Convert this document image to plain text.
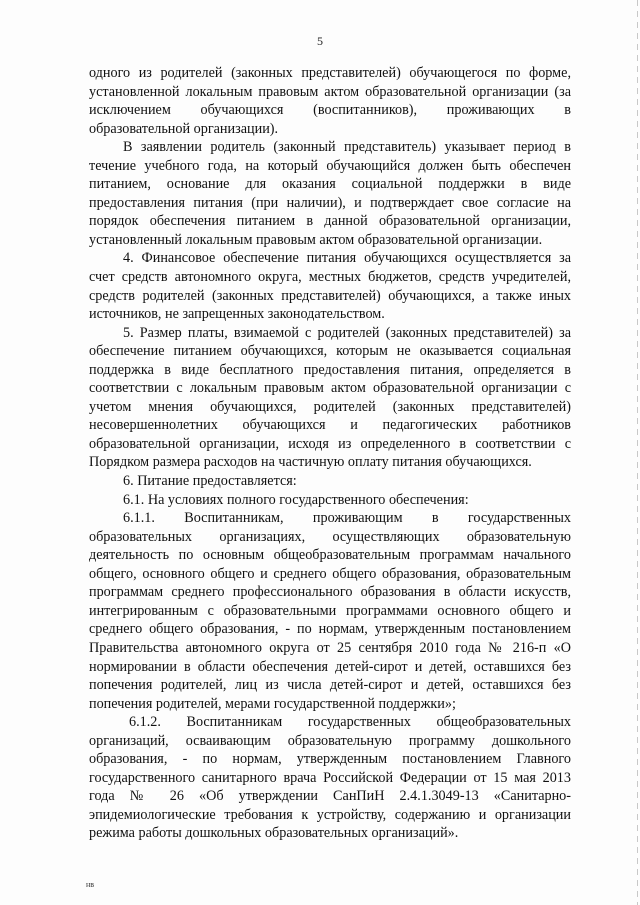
5

одного из родителей (законных представителей) обучающегося по форме, установленной локальным правовым актом образовательной организации (за исключением обучающихся (воспитанников), проживающих в образовательной организации).

В заявлении родитель (законный представитель) указывает период в течение учебного года, на который обучающийся должен быть обеспечен питанием, основание для оказания социальной поддержки в виде предоставления питания (при наличии), и подтверждает свое согласие на порядок обеспечения питанием в данной образовательной организации, установленный локальным правовым актом образовательной организации.

4. Финансовое обеспечение питания обучающихся осуществляется за счет средств автономного округа, местных бюджетов, средств учредителей, средств родителей (законных представителей) обучающихся, а также иных источников, не запрещенных законодательством.

5. Размер платы, взимаемой с родителей (законных представителей) за обеспечение питанием обучающихся, которым не оказывается социальная поддержка в виде бесплатного предоставления питания, определяется в соответствии с локальным правовым актом образовательной организации с учетом мнения обучающихся, родителей (законных представителей) несовершеннолетних обучающихся и педагогических работников образовательной организации, исходя из определенного в соответствии с Порядком размера расходов на частичную оплату питания обучающихся.

6. Питание предоставляется:

6.1. На условиях полного государственного обеспечения:

6.1.1. Воспитанникам, проживающим в государственных образовательных организациях, осуществляющих образовательную деятельность по основным общеобразовательным программам начального общего, основного общего и среднего общего образования, образовательным программам среднего профессионального образования в области искусств, интегрированным с образовательными программами основного общего и среднего общего образования, - по нормам, утвержденным постановлением Правительства автономного округа от 25 сентября 2010 года № 216-п «О нормировании в области обеспечения детей-сирот и детей, оставшихся без попечения родителей, лиц из числа детей-сирот и детей, оставшихся без попечения родителей, мерами государственной поддержки»;

6.1.2. Воспитанникам государственных общеобразовательных организаций, осваивающим образовательную программу дошкольного образования, - по нормам, утвержденным постановлением Главного государственного санитарного врача Российской Федерации от 15 мая 2013 года № 26 «Об утверждении СанПиН 2.4.1.3049-13 «Санитарно-эпидемиологические требования к устройству, содержанию и организации режима работы дошкольных образовательных организаций».

нв
